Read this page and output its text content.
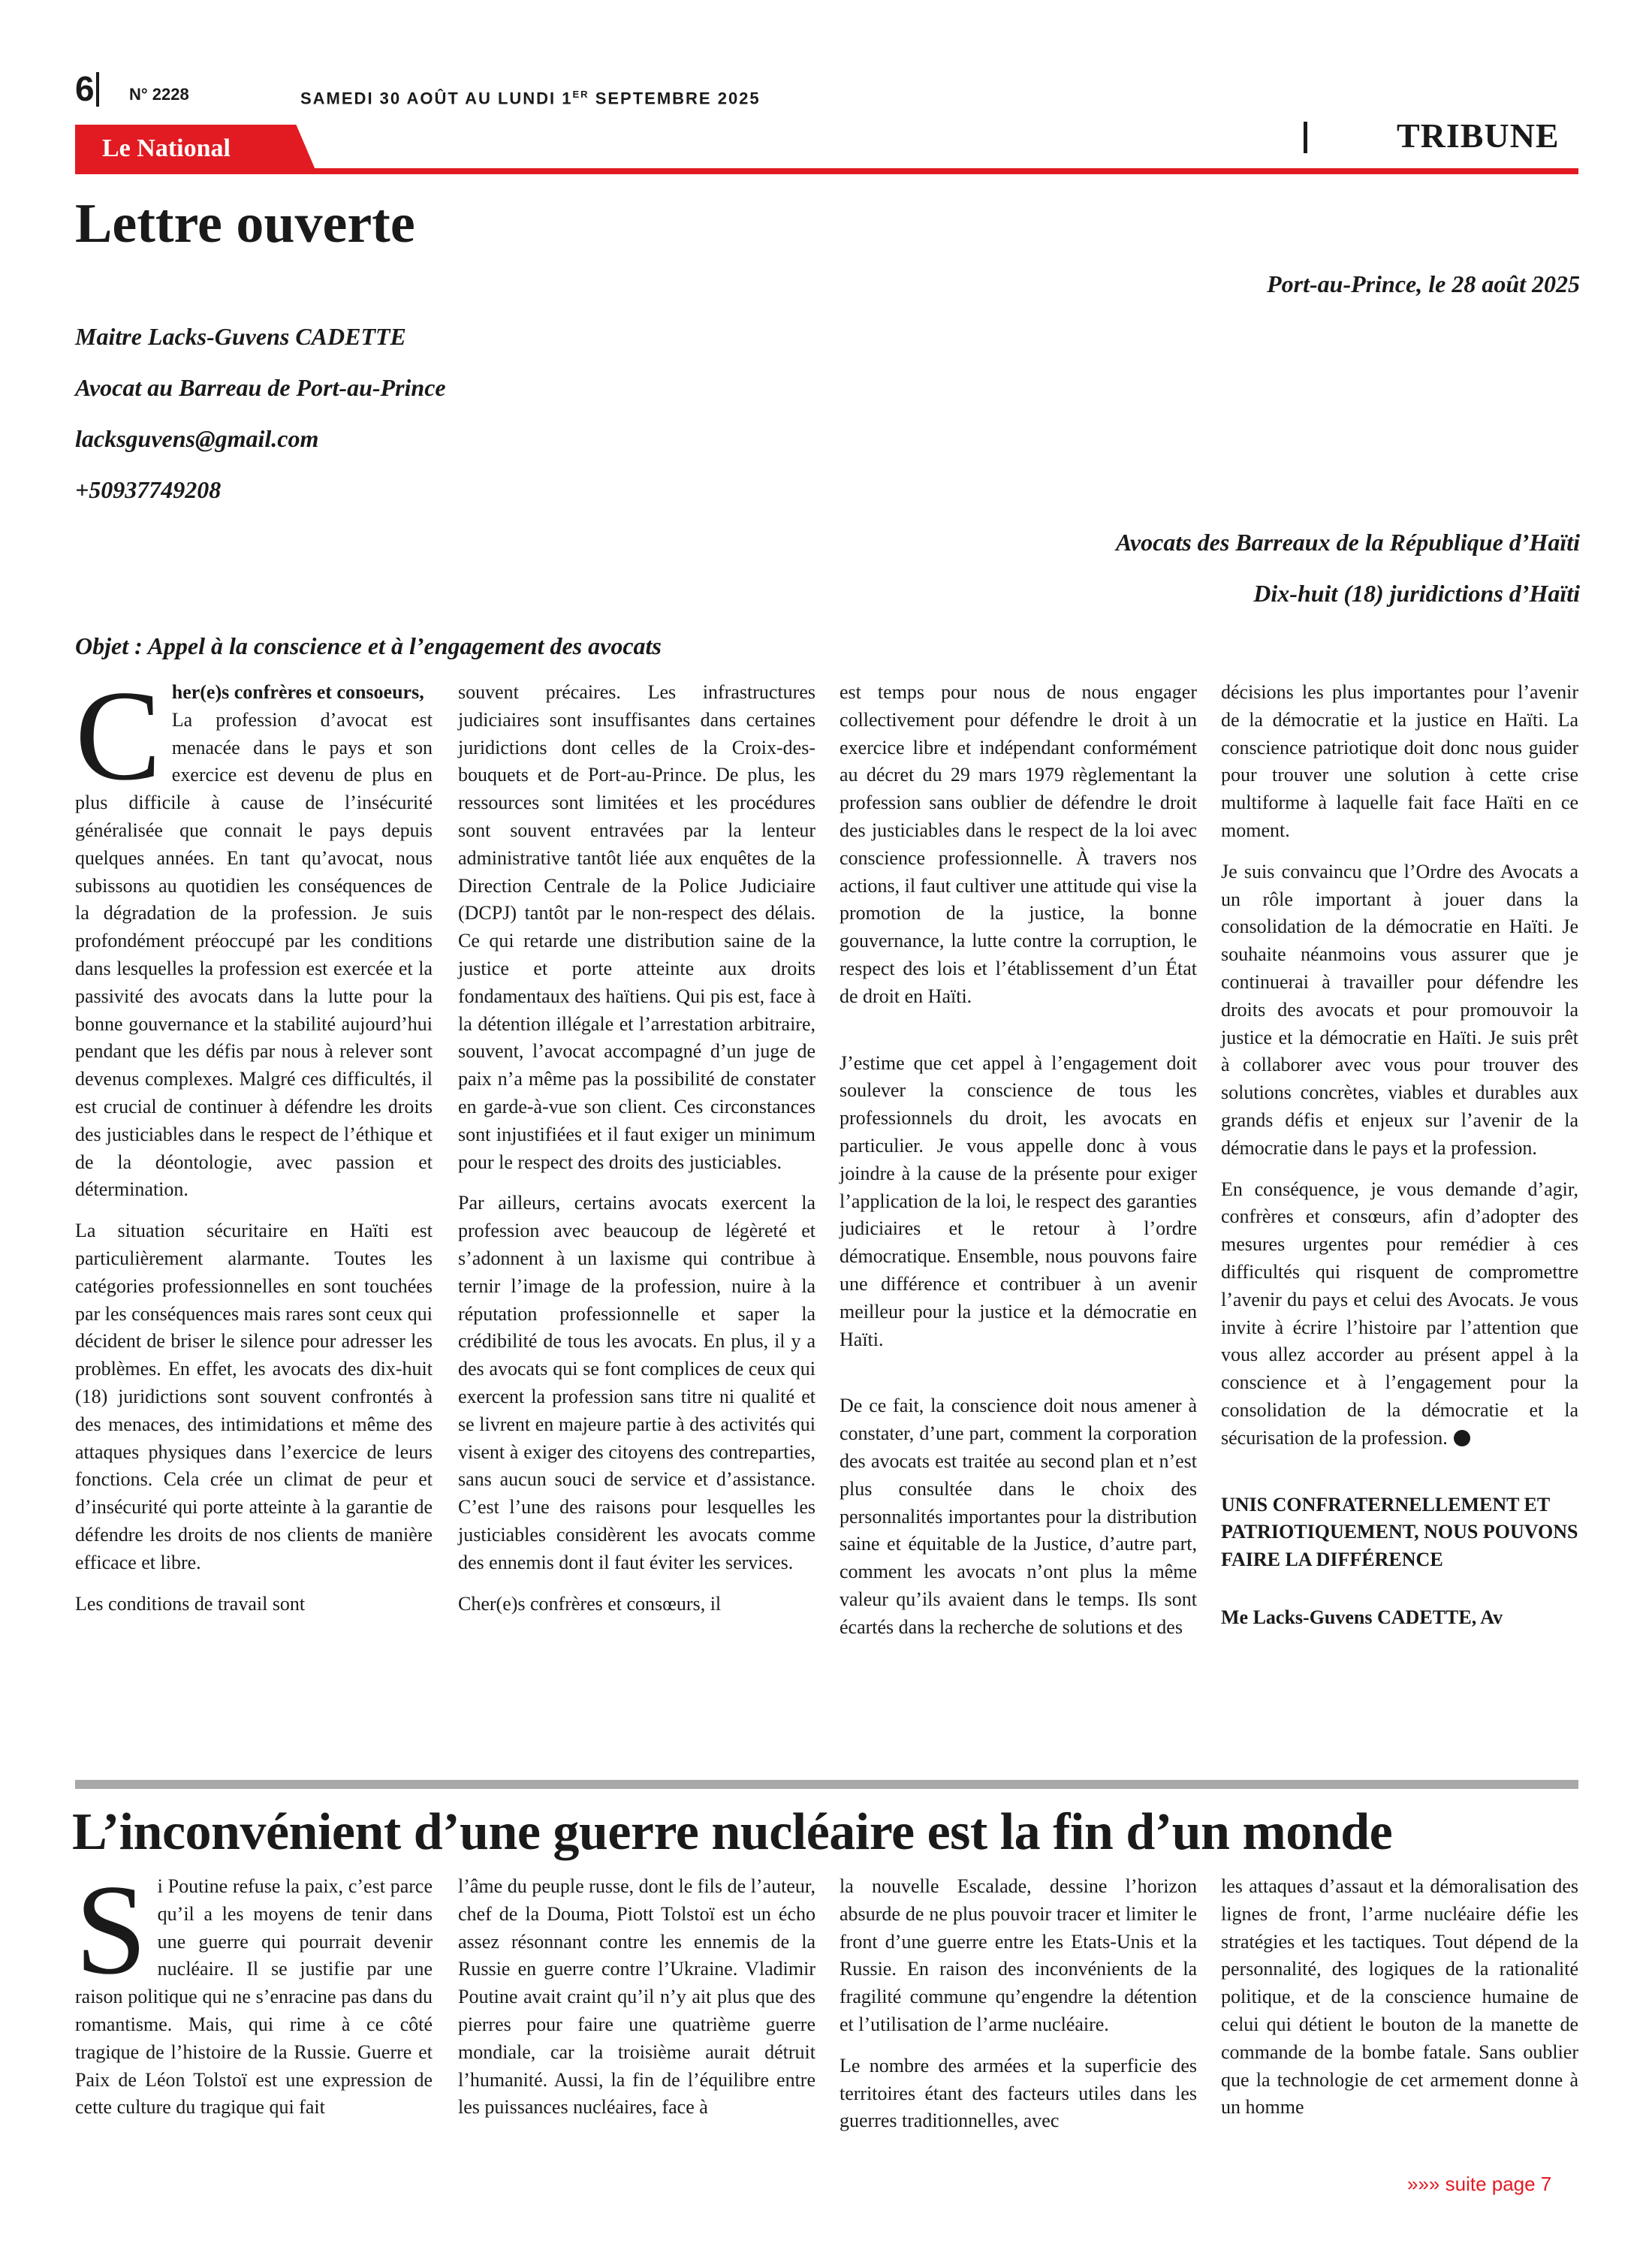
6 N° 2228	SAMEDI 30 AOÛT AU LUNDI 1ER SEPTEMBRE 2025
Le National	TRIBUNE
Lettre ouverte
Port-au-Prince, le 28 août 2025
Maitre Lacks-Guvens CADETTE
Avocat au Barreau de Port-au-Prince
lacksguvens@gmail.com
+50937749208
Avocats des Barreaux de la République d’Haïti
Dix-huit (18) juridictions d’Haïti
Objet : Appel à la conscience et à l’engagement des avocats

C her(e)s confrères et consoeurs,
La profession d’avocat est menacée dans le pays et son exercice est devenu de plus en plus difficile à cause de l’insécurité généralisée que connait le pays depuis quelques années. En tant qu’avocat, nous subissons au quotidien les conséquences de la dégradation de la profession. Je suis profondément préoccupé par les conditions dans lesquelles la profession est exercée et la passivité des avocats dans la lutte pour la bonne gouvernance et la stabilité aujourd’hui pendant que les défis par nous à relever sont devenus complexes. Malgré ces difficultés, il est crucial de continuer à défendre les droits des justiciables dans le respect de l’éthique et de la déontologie, avec passion et détermination.

La situation sécuritaire en Haïti est particulièrement alarmante. Toutes les catégories professionnelles en sont touchées par les conséquences mais rares sont ceux qui décident de briser le silence pour adresser les problèmes. En effet, les avocats des dix-huit (18) juridictions sont souvent confrontés à des menaces, des intimidations et même des attaques physiques dans l’exercice de leurs fonctions. Cela crée un climat de peur et d’insécurité qui porte atteinte à la garantie de défendre les droits de nos clients de manière efficace et libre.

Les conditions de travail sont

souvent précaires. Les infrastructures judiciaires sont insuffisantes dans certaines juridictions dont celles de la Croix-des-bouquets et de Port-au-Prince. De plus, les ressources sont limitées et les procédures sont souvent entravées par la lenteur administrative tantôt liée aux enquêtes de la Direction Centrale de la Police Judiciaire (DCPJ) tantôt par le non-respect des délais. Ce qui retarde une distribution saine de la justice et porte atteinte aux droits fondamentaux des haïtiens. Qui pis est, face à la détention illégale et l’arrestation arbitraire, souvent, l’avocat accompagné d’un juge de paix n’a même pas la possibilité de constater en garde-à-vue son client. Ces circonstances sont injustifiées et il faut exiger un minimum pour le respect des droits des justiciables.

Par ailleurs, certains avocats exercent la profession avec beaucoup de légèreté et s’adonnent à un laxisme qui contribue à ternir l’image de la profession, nuire à la réputation professionnelle et saper la crédibilité de tous les avocats. En plus, il y a des avocats qui se font complices de ceux qui exercent la profession sans titre ni qualité et se livrent en majeure partie à des activités qui visent à exiger des citoyens des contreparties, sans aucun souci de service et d’assistance. C’est l’une des raisons pour lesquelles les justiciables considèrent les avocats comme des ennemis dont il faut éviter les services.

Cher(e)s confrères et consœurs, il

est temps pour nous de nous engager collectivement pour défendre le droit à un exercice libre et indépendant conformément au décret du 29 mars 1979 règlementant la profession sans oublier de défendre le droit des justiciables dans le respect de la loi avec conscience professionnelle. À travers nos actions, il faut cultiver une attitude qui vise la promotion de la justice, la bonne gouvernance, la lutte contre la corruption, le respect des lois et l’établissement d’un État de droit en Haïti.

J’estime que cet appel à l’engagement doit soulever la conscience de tous les professionnels du droit, les avocats en particulier. Je vous appelle donc à vous joindre à la cause de la présente pour exiger l’application de la loi, le respect des garanties judiciaires et le retour à l’ordre démocratique. Ensemble, nous pouvons faire une différence et contribuer à un avenir meilleur pour la justice et la démocratie en Haïti.

De ce fait, la conscience doit nous amener à constater, d’une part, comment la corporation des avocats est traitée au second plan et n’est plus consultée dans le choix des personnalités importantes pour la distribution saine et équitable de la Justice, d’autre part, comment les avocats n’ont plus la même valeur qu’ils avaient dans le temps. Ils sont écartés dans la recherche de solutions et des

décisions les plus importantes pour l’avenir de la démocratie et la justice en Haïti. La conscience patriotique doit donc nous guider pour trouver une solution à cette crise multiforme à laquelle fait face Haïti en ce moment.

Je suis convaincu que l’Ordre des Avocats a un rôle important à jouer dans la consolidation de la démocratie en Haïti. Je souhaite néanmoins vous assurer que je continuerai à travailler pour défendre les droits des avocats et pour promouvoir la justice et la démocratie en Haïti. Je suis prêt à collaborer avec vous pour trouver des solutions concrètes, viables et durables aux grands défis et enjeux sur l’avenir de la démocratie dans le pays et la profession.

En conséquence, je vous demande d’agir, confrères et consœurs, afin d’adopter des mesures urgentes pour remédier à ces difficultés qui risquent de compromettre l’avenir du pays et celui des Avocats. Je vous invite à écrire l’histoire par l’attention que vous allez accorder au présent appel à la conscience et à l’engagement pour la consolidation de la démocratie et la sécurisation de la profession.

UNIS CONFRATERNELLEMENT ET PATRIOTIQUEMENT, NOUS POUVONS FAIRE LA DIFFÉRENCE

Me Lacks-Guvens CADETTE, Av

L’inconvénient d’une guerre nucléaire est la fin d’un monde

Si Poutine refuse la paix, c’est parce qu’il a les moyens de tenir dans une guerre qui pourrait devenir nucléaire. Il se justifie par une raison politique qui ne s’enracine pas dans du romantisme. Mais, qui rime à ce côté tragique de l’histoire de la Russie. Guerre et Paix de Léon Tolstoï est une expression de cette culture du tragique qui fait

l’âme du peuple russe, dont le fils de l’auteur, chef de la Douma, Piott Tolstoï est un écho assez résonnant contre les ennemis de la Russie en guerre contre l’Ukraine. Vladimir Poutine avait craint qu’il n’y ait plus que des pierres pour faire une quatrième guerre mondiale, car la troisième aurait détruit l’humanité. Aussi, la fin de l’équilibre entre les puissances nucléaires, face à

la nouvelle Escalade, dessine l’horizon absurde de ne plus pouvoir tracer et limiter le front d’une guerre entre les Etats-Unis et la Russie. En raison des inconvénients de la fragilité commune qu’engendre la détention et l’utilisation de l’arme nucléaire.

Le nombre des armées et la superficie des territoires étant des facteurs utiles dans les guerres traditionnelles, avec

les attaques d’assaut et la démoralisation des lignes de front, l’arme nucléaire défie les stratégies et les tactiques. Tout dépend de la personnalité, des logiques de la rationalité politique, et de la conscience humaine de celui qui détient le bouton de la manette de commande de la bombe fatale. Sans oublier que la technologie de cet armement donne à un homme

»»» suite page 7
